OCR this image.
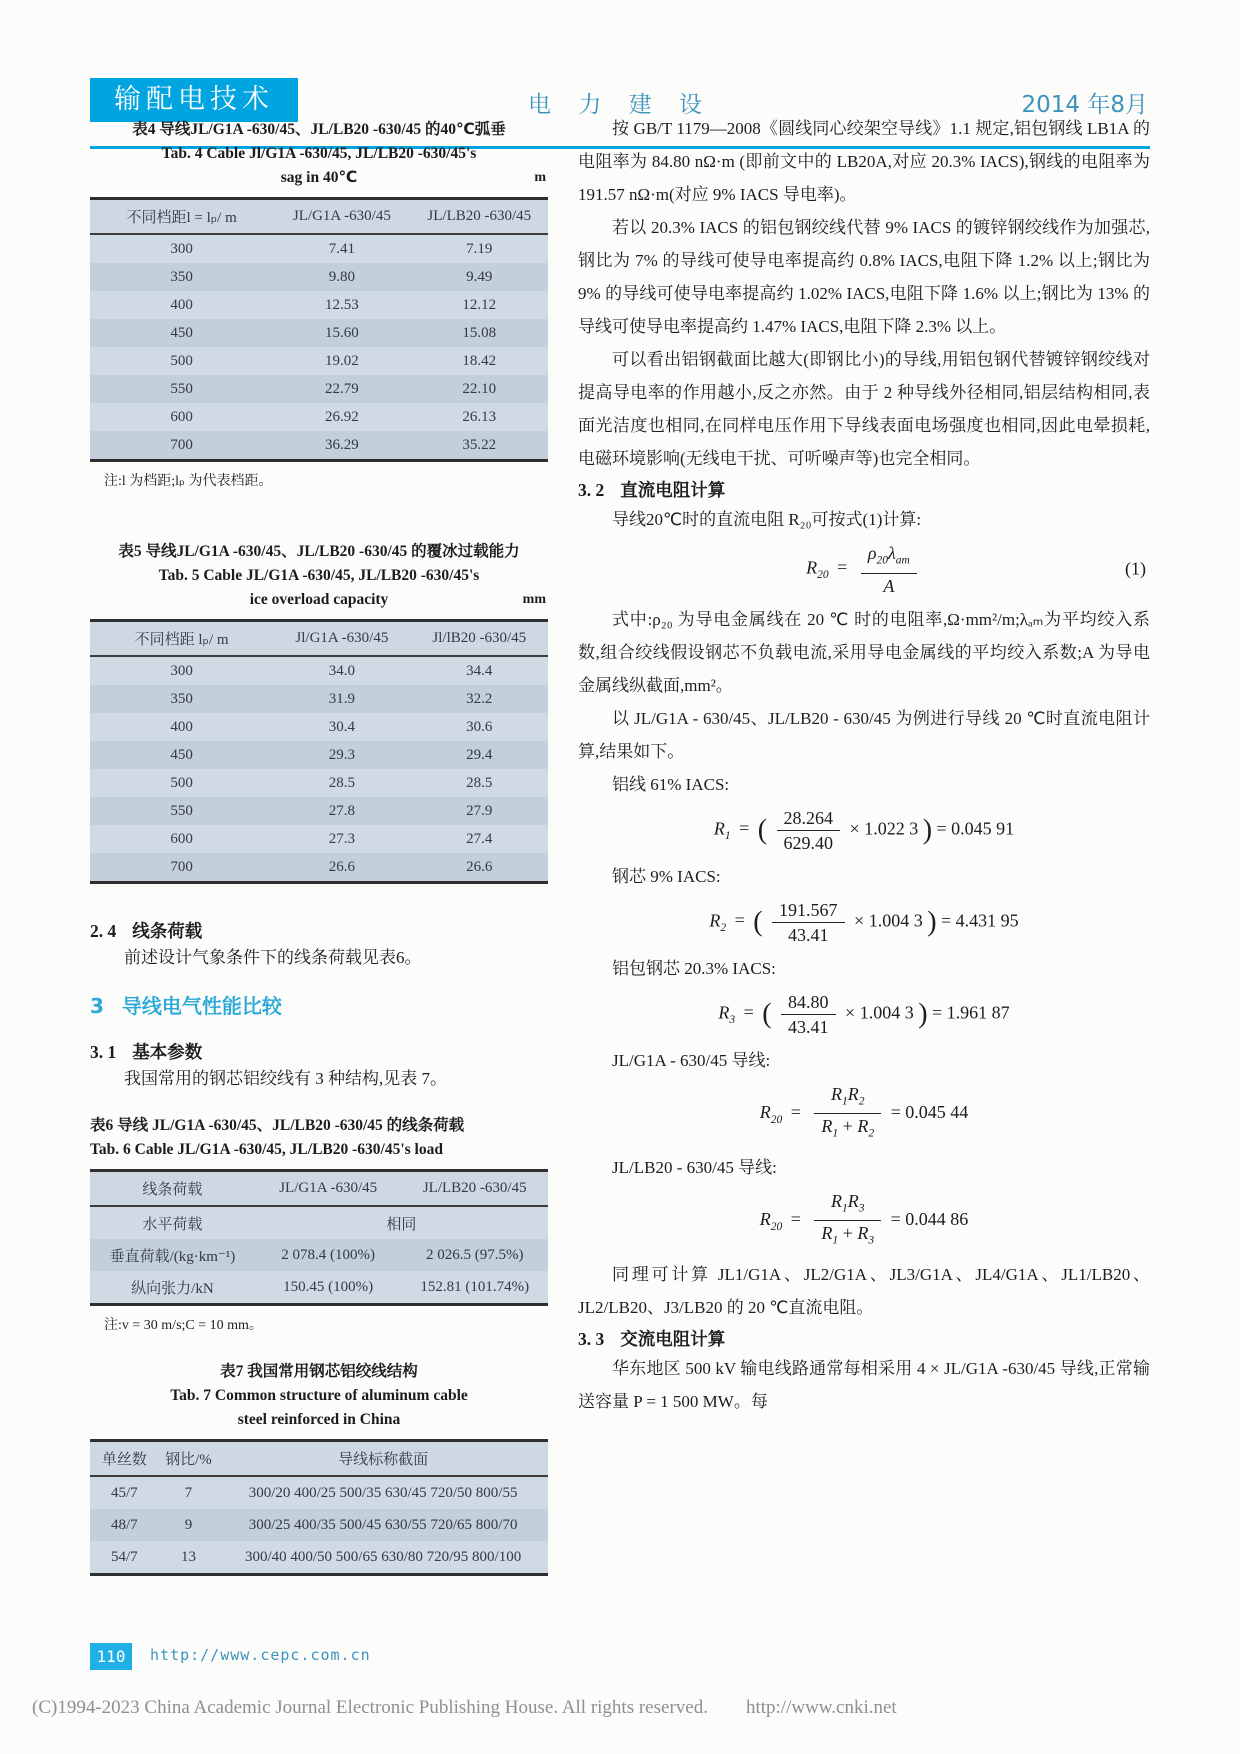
输配电技术	电 力 建 设	2014 年8月
表4 导线JL/G1A -630/45、JL/LB20 -630/45 的40℃弧垂
Tab. 4 Cable Jl/G1A -630/45, JL/LB20 -630/45's
sag in 40℃	m
不同档距l = lₚ/ m	JL/G1A -630/45	JL/LB20 -630/45
300	7.41	7.19
350	9.80	9.49
400	12.53	12.12
450	15.60	15.08
500	19.02	18.42
550	22.79	22.10
600	26.92	26.13
700	36.29	35.22
注:l 为档距;lₚ 为代表档距。
表5 导线JL/G1A -630/45、JL/LB20 -630/45 的覆冰过载能力
Tab. 5 Cable JL/G1A -630/45, JL/LB20 -630/45's
ice overload capacity	mm
不同档距 lₚ/ m	Jl/G1A -630/45	Jl/lB20 -630/45
300	34.0	34.4
350	31.9	32.2
400	30.4	30.6
450	29.3	29.4
500	28.5	28.5
550	27.8	27.9
600	27.3	27.4
700	26.6	26.6
2. 4 线条荷载

前述设计气象条件下的线条荷载见表6。

3 导线电气性能比较
3. 1 基本参数

我国常用的钢芯铝绞线有 3 种结构,见表 7。

表6 导线 JL/G1A -630/45、JL/LB20 -630/45 的线条荷载
Tab. 6 Cable JL/G1A -630/45, JL/LB20 -630/45's load
线条荷载	JL/G1A -630/45	JL/LB20 -630/45
水平荷载	相同	
垂直荷载/(kg·km⁻¹)	2 078.4 (100%)	2 026.5 (97.5%)
纵向张力/kN	150.45 (100%)	152.81 (101.74%)
注:v = 30 m/s;C = 10 mm。
表7 我国常用钢芯铝绞线结构
Tab. 7 Common structure of aluminum cable
steel reinforced in China
单丝数	钢比/%	导线标称截面
45/7	7	300/20 400/25 500/35 630/45 720/50 800/55
48/7	9	300/25 400/35 500/45 630/55 720/65 800/70
54/7	13	300/40 400/50 500/65 630/80 720/95 800/100

按 GB/T 1179—2008《圆线同心绞架空导线》1.1 规定,铝包钢线 LB1A 的电阻率为 84.80 nΩ·m (即前文中的 LB20A,对应 20.3% IACS),钢线的电阻率为 191.57 nΩ·m(对应 9% IACS 导电率)。

若以 20.3% IACS 的铝包钢绞线代替 9% IACS 的镀锌钢绞线作为加强芯,钢比为 7% 的导线可使导电率提高约 0.8% IACS,电阻下降 1.2% 以上;钢比为 9% 的导线可使导电率提高约 1.02% IACS,电阻下降 1.6% 以上;钢比为 13% 的导线可使导电率提高约 1.47% IACS,电阻下降 2.3% 以上。

可以看出铝钢截面比越大(即钢比小)的导线,用铝包钢代替镀锌钢绞线对提高导电率的作用越小,反之亦然。由于 2 种导线外径相同,铝层结构相同,表面光洁度也相同,在同样电压作用下导线表面电场强度也相同,因此电晕损耗,电磁环境影响(无线电干扰、可听噪声等)也完全相同。

3. 2 直流电阻计算

导线20℃时的直流电阻 R₂₀可按式(1)计算:

$R_{20} = \frac{\rho_{20}\lambda_{am}}{A}$	(1)

式中:ρ₂₀ 为导电金属线在 20 ℃ 时的电阻率,Ω·mm²/m;λₐₘ为平均绞入系数,组合绞线假设钢芯不负载电流,采用导电金属线的平均绞入系数;A 为导电金属线纵截面,mm²。

以 JL/G1A - 630/45、JL/LB20 - 630/45 为例进行导线 20 ℃时直流电阻计算,结果如下。

铝线 61% IACS:

$R_1$ = ( $\frac{28.264}{629.40} \times 1.022$ 3 ) = 0.045 91

钢芯 9% IACS:

$R_2$ = ( $\frac{191.567}{43.41} \times 1.004$ 3 ) = 4.431 95

铝包钢芯 20.3% IACS:

$R_3$ = ( $\frac{84.80}{43.41} \times 1.004$ 3 ) = 1.961 87

JL/G1A - 630/45 导线:

$R_{20} = \frac{R_1R_2}{R_1 + R_2} = 0.045$ 44

JL/LB20 - 630/45 导线:

$R_{20} = \frac{R_1R_3}{R_1 + R_3} = 0.044$ 86

同理可计算 JL1/G1A、JL2/G1A、JL3/G1A、JL4/G1A、JL1/LB20、JL2/LB20、J3/LB20 的 20 ℃直流电阻。

3. 3 交流电阻计算

华东地区 500 kV 输电线路通常每相采用 4 × JL/G1A -630/45 导线,正常输送容量 P = 1 500 MW。每

110	http://www.cepc.com.cn
(C)1994-2023 China Academic Journal Electronic Publishing House. All rights reserved.　　http://www.cnki.net
